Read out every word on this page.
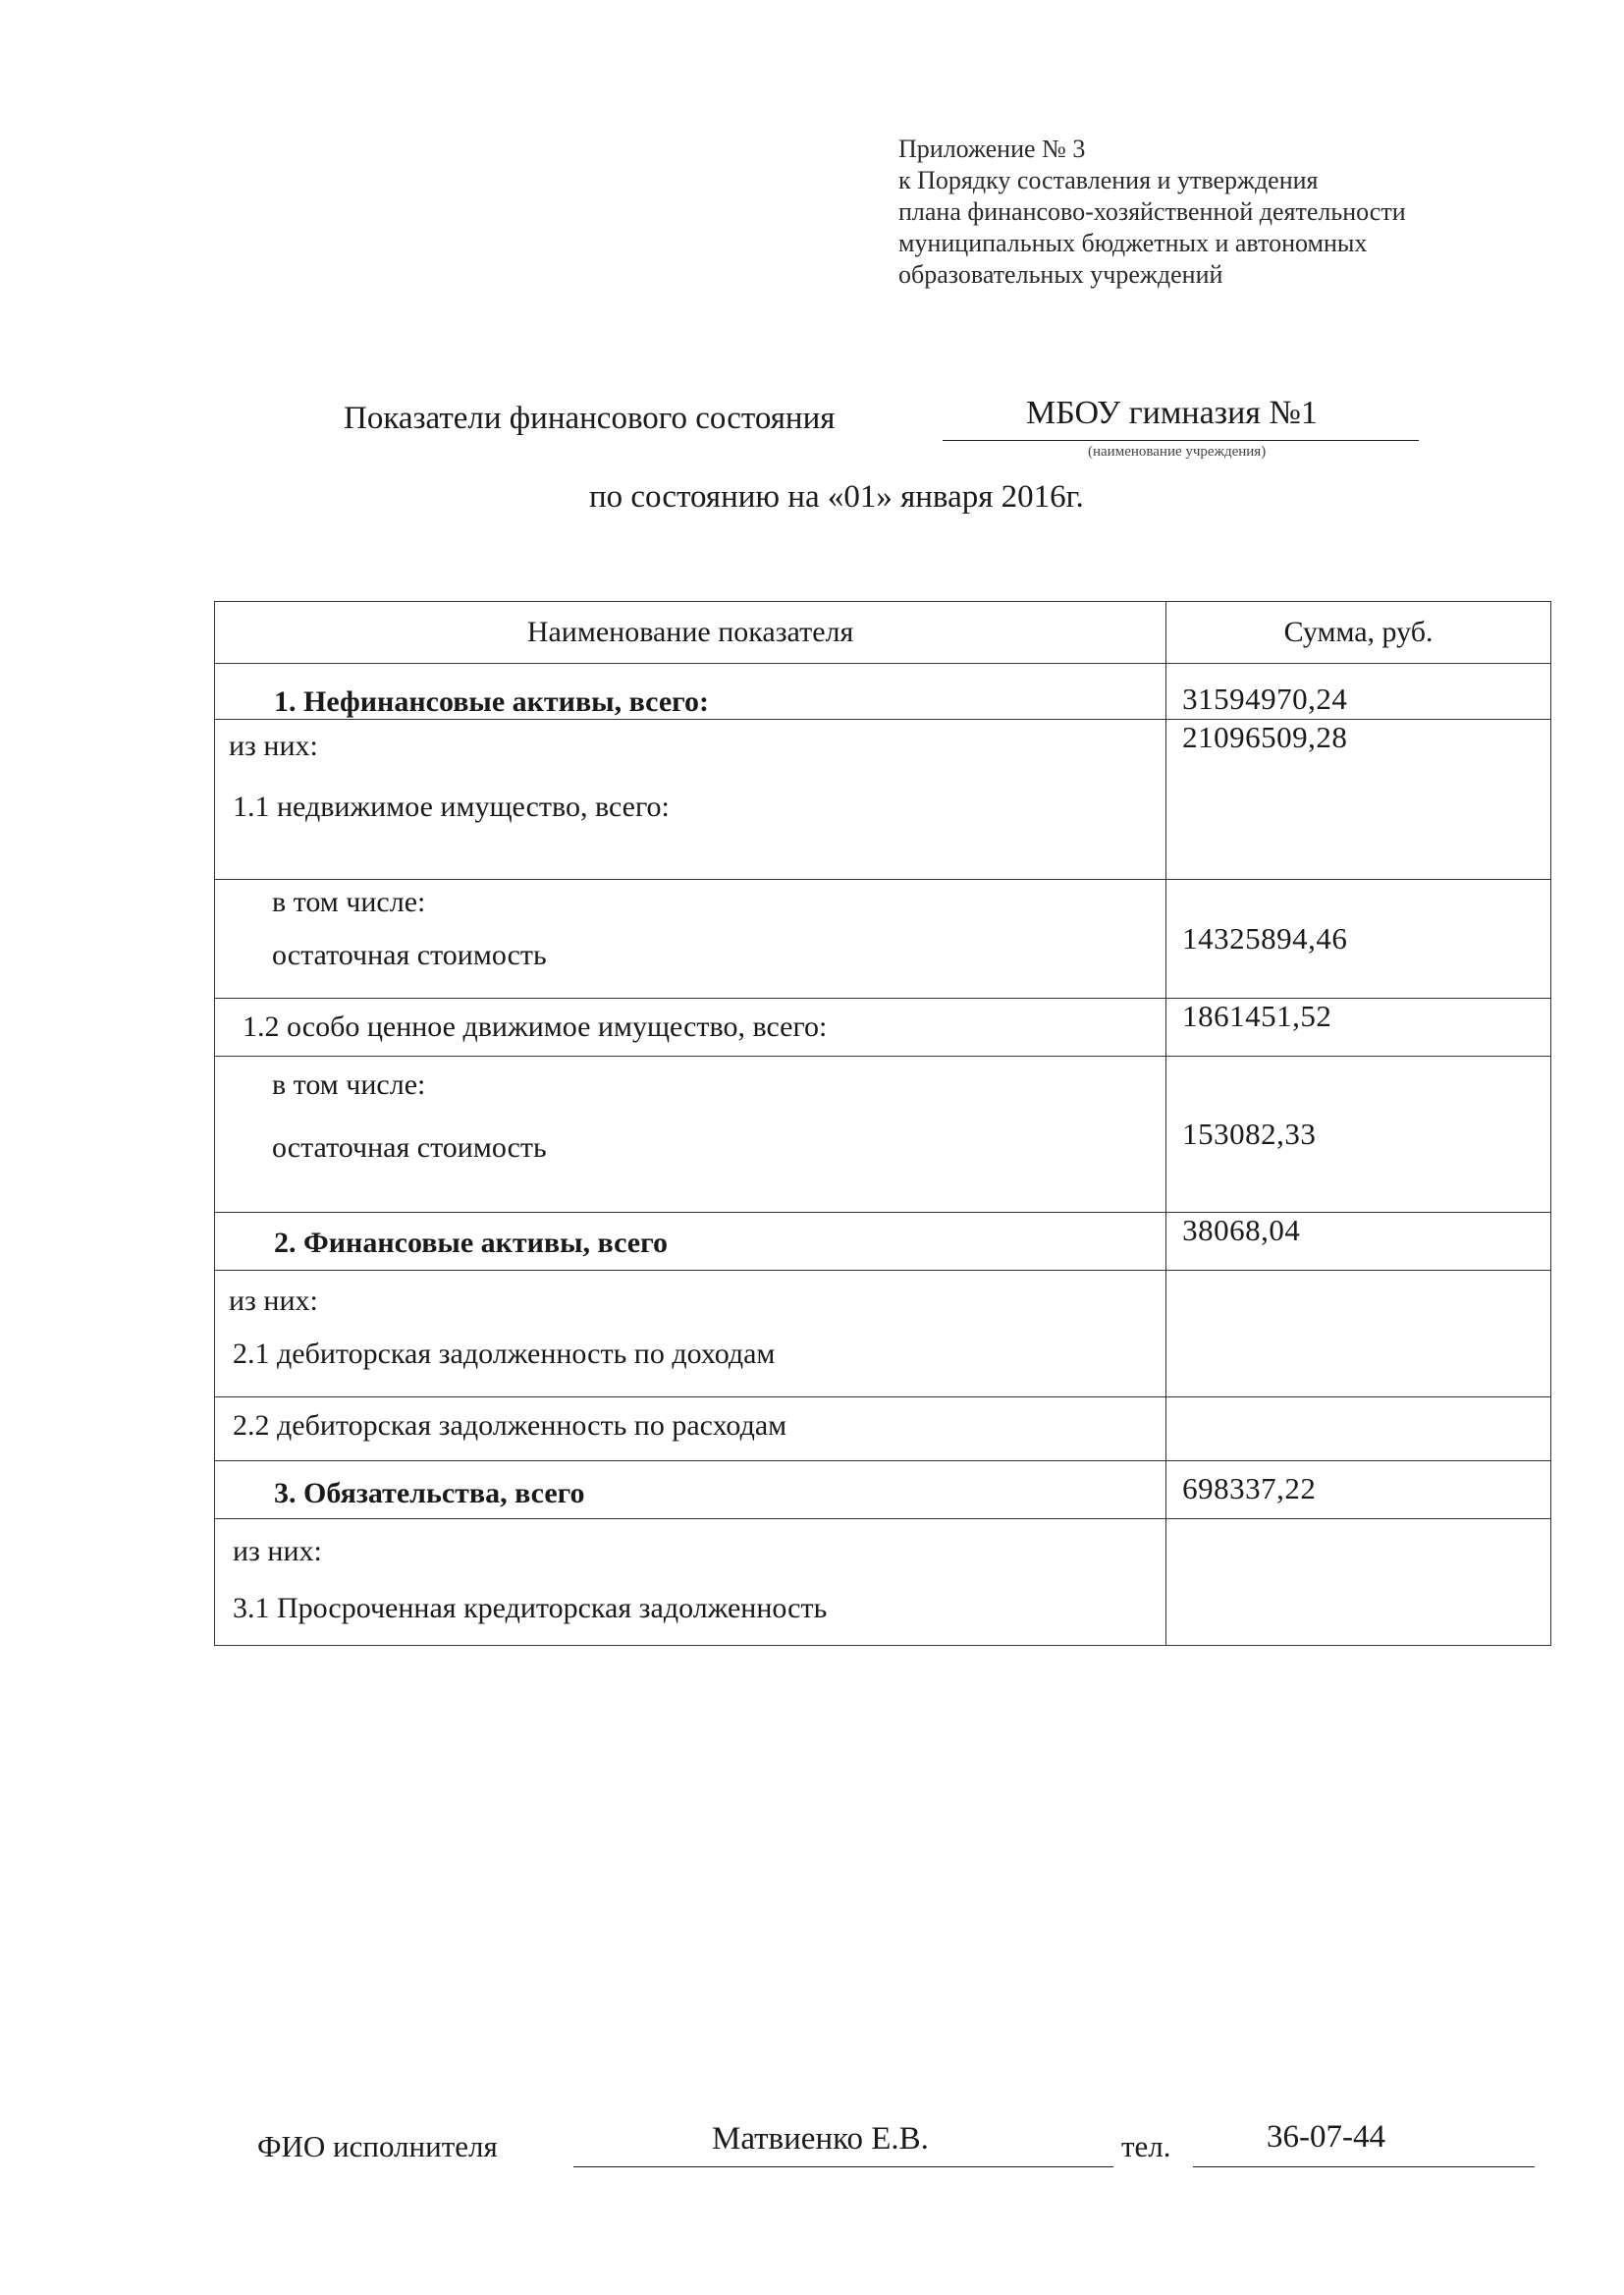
Приложение № 3
к Порядку составления и утверждения
плана финансово-хозяйственной деятельности
муниципальных бюджетных и автономных
образовательных учреждений
Показатели финансового состояния	МБОУ гимназия №1
(наименование учреждения)
по состоянию на «01» января 2016г.
Наименование показателя	Сумма, руб.

1. Нефинансовые активы, всего:	31594970,24

из них:
1.1 недвижимое имущество, всего:	21096509,28

в том числе:
остаточная стоимость	14325894,46

1.2 особо ценное движимое имущество, всего:	1861451,52

в том числе:
остаточная стоимость	153082,33

2. Финансовые активы, всего	38068,04

из них:
2.1 дебиторская задолженность по доходам	

2.2 дебиторская задолженность по расходам	

3. Обязательства, всего	698337,22

из них:
3.1 Просроченная кредиторская задолженность	

ФИО исполнителя	Матвиенко Е.В.	тел.	36-07-44
